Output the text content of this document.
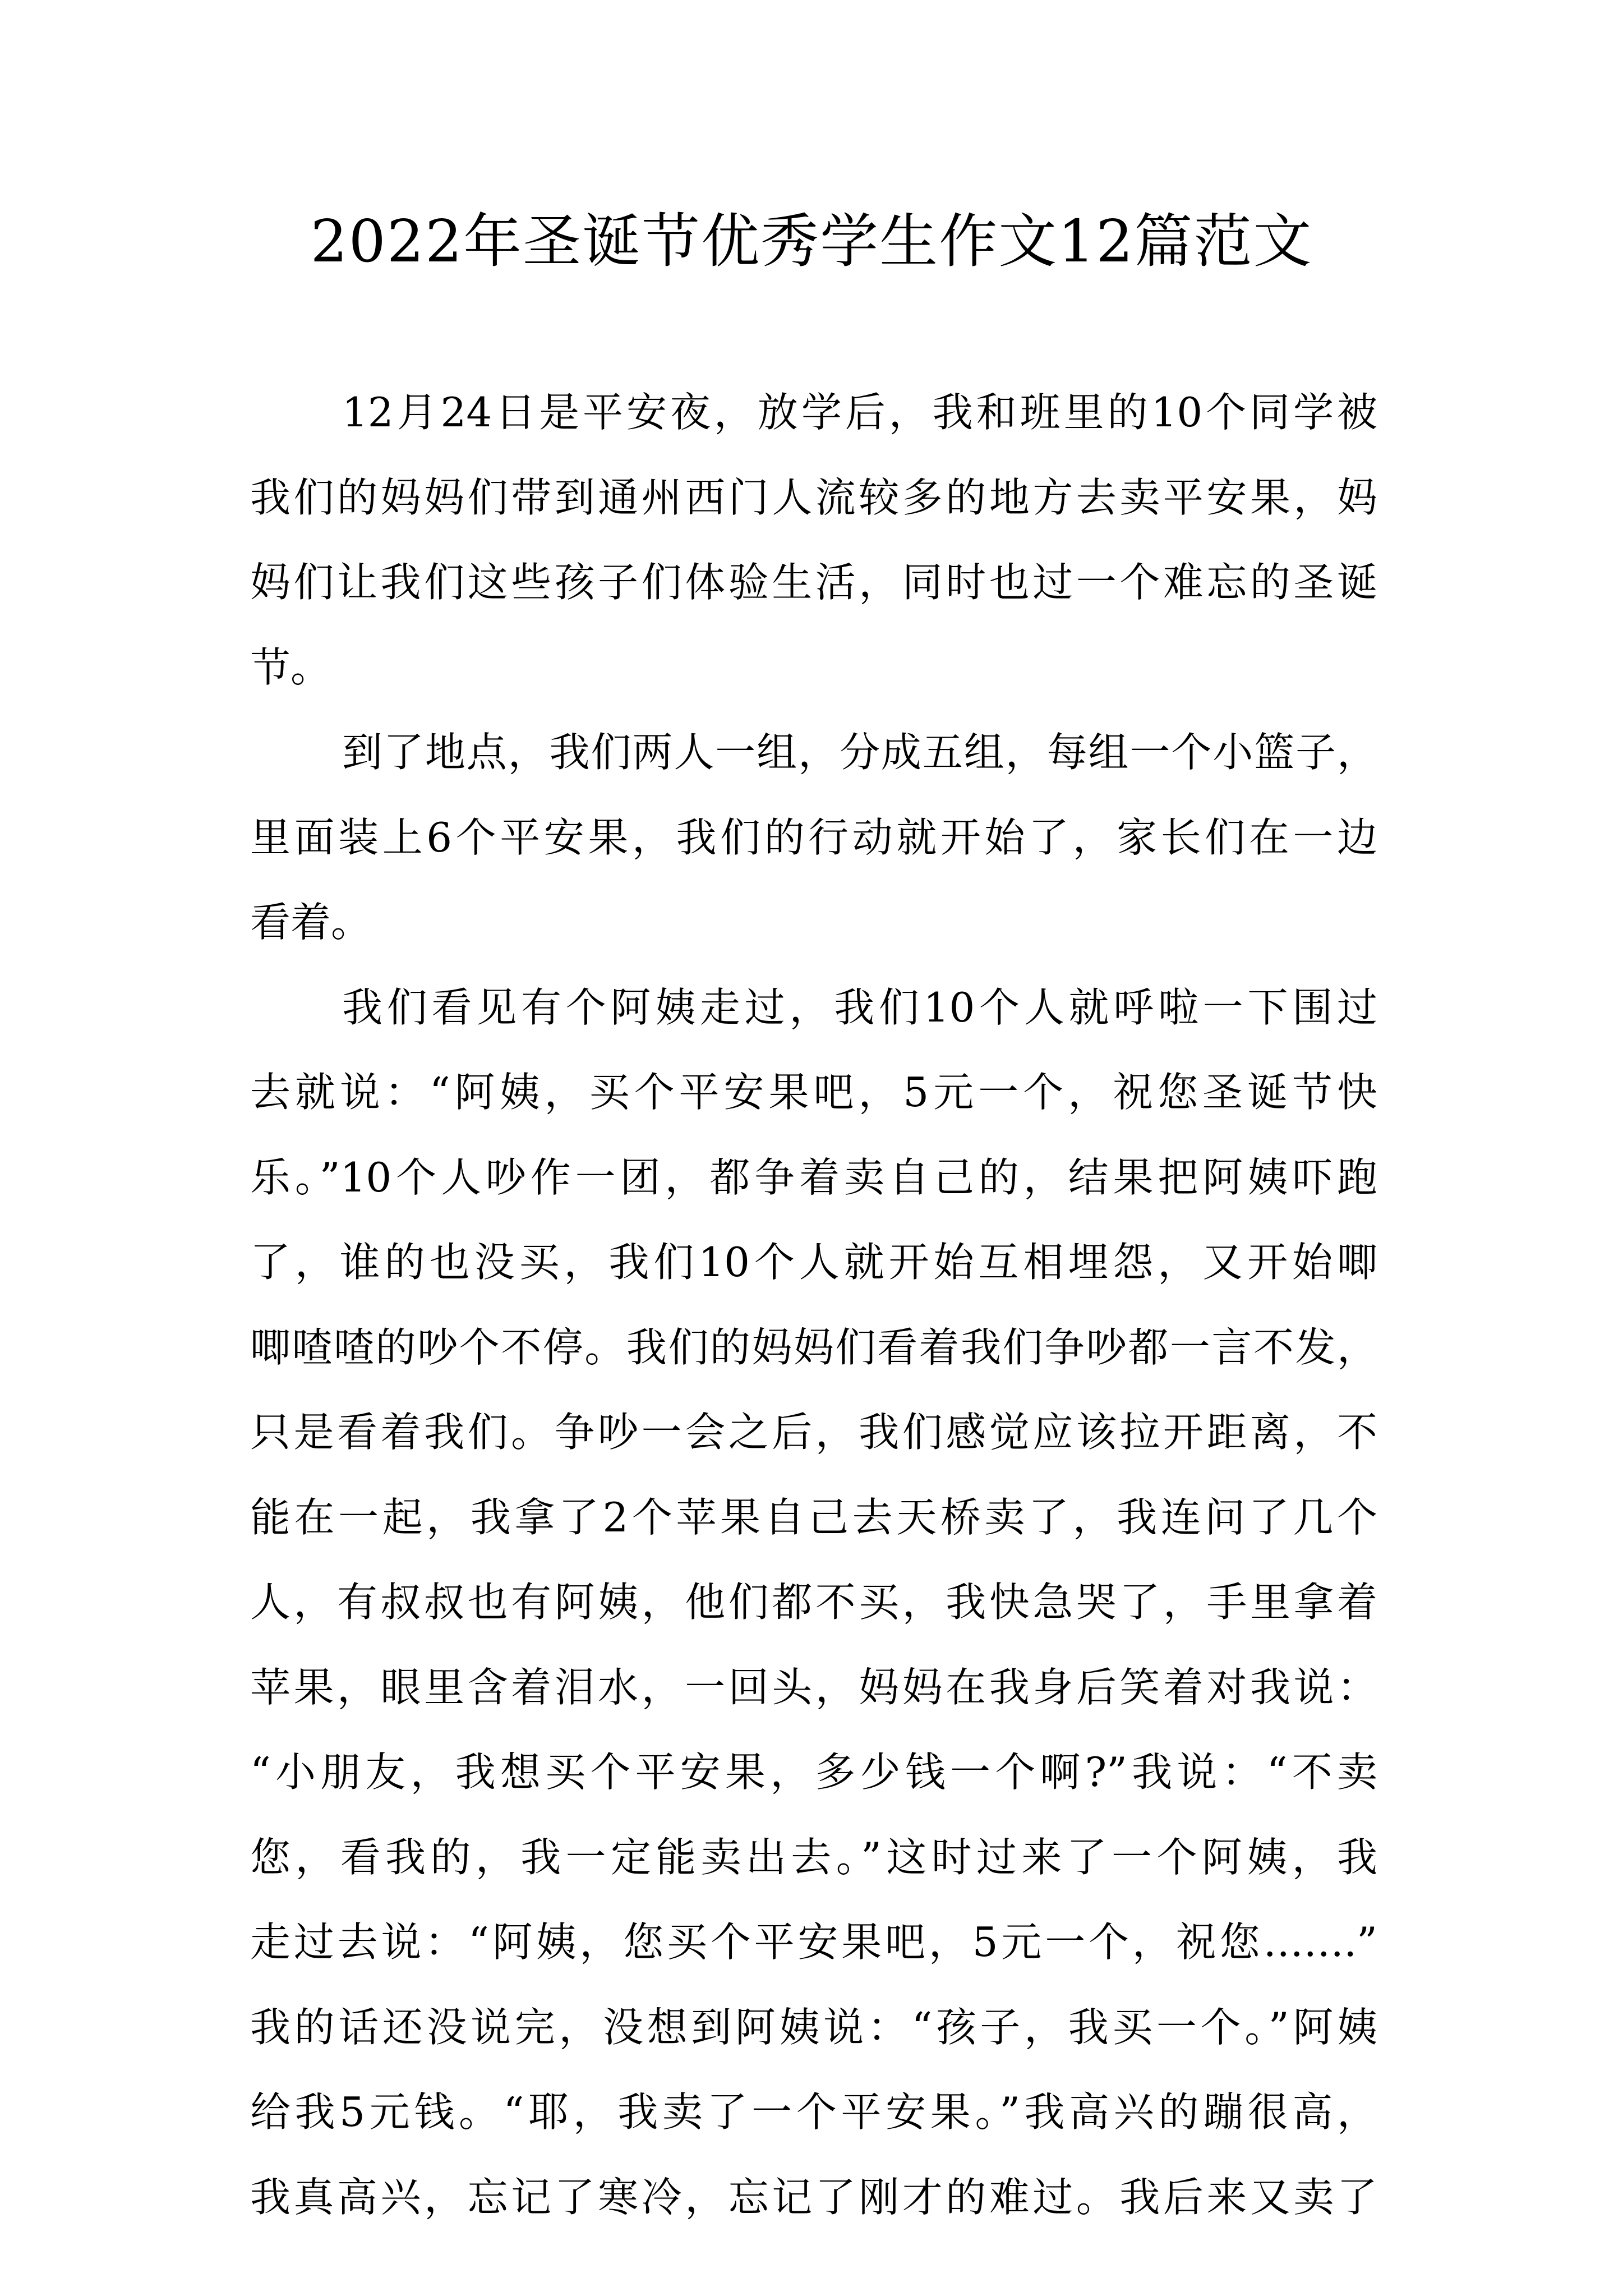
2022年圣诞节优秀学生作文12篇范文
12月24日是平安夜，放学后，我和班里的10个同学被
我们的妈妈们带到通州西门人流较多的地方去卖平安果，妈
妈们让我们这些孩子们体验生活，同时也过一个难忘的圣诞
节。
到了地点，我们两人一组，分成五组，每组一个小篮子，
里面装上6个平安果，我们的行动就开始了，家长们在一边
看着。
我们看见有个阿姨走过，我们10个人就呼啦一下围过
去就说：“阿姨，买个平安果吧，5元一个，祝您圣诞节快
乐。”10个人吵作一团，都争着卖自己的，结果把阿姨吓跑
了，谁的也没买，我们10个人就开始互相埋怨，又开始唧
唧喳喳的吵个不停。我们的妈妈们看着我们争吵都一言不发，
只是看着我们。争吵一会之后，我们感觉应该拉开距离，不
能在一起，我拿了2个苹果自己去天桥卖了，我连问了几个
人，有叔叔也有阿姨，他们都不买，我快急哭了，手里拿着
苹果，眼里含着泪水，一回头，妈妈在我身后笑着对我说：
“小朋友，我想买个平安果，多少钱一个啊?”我说：“不卖
您，看我的，我一定能卖出去。”这时过来了一个阿姨，我
走过去说：“阿姨，您买个平安果吧，5元一个，祝您…….”
我的话还没说完，没想到阿姨说：“孩子，我买一个。”阿姨
给我5元钱。“耶，我卖了一个平安果。”我高兴的蹦很高，
我真高兴，忘记了寒冷，忘记了刚才的难过。我后来又卖了
